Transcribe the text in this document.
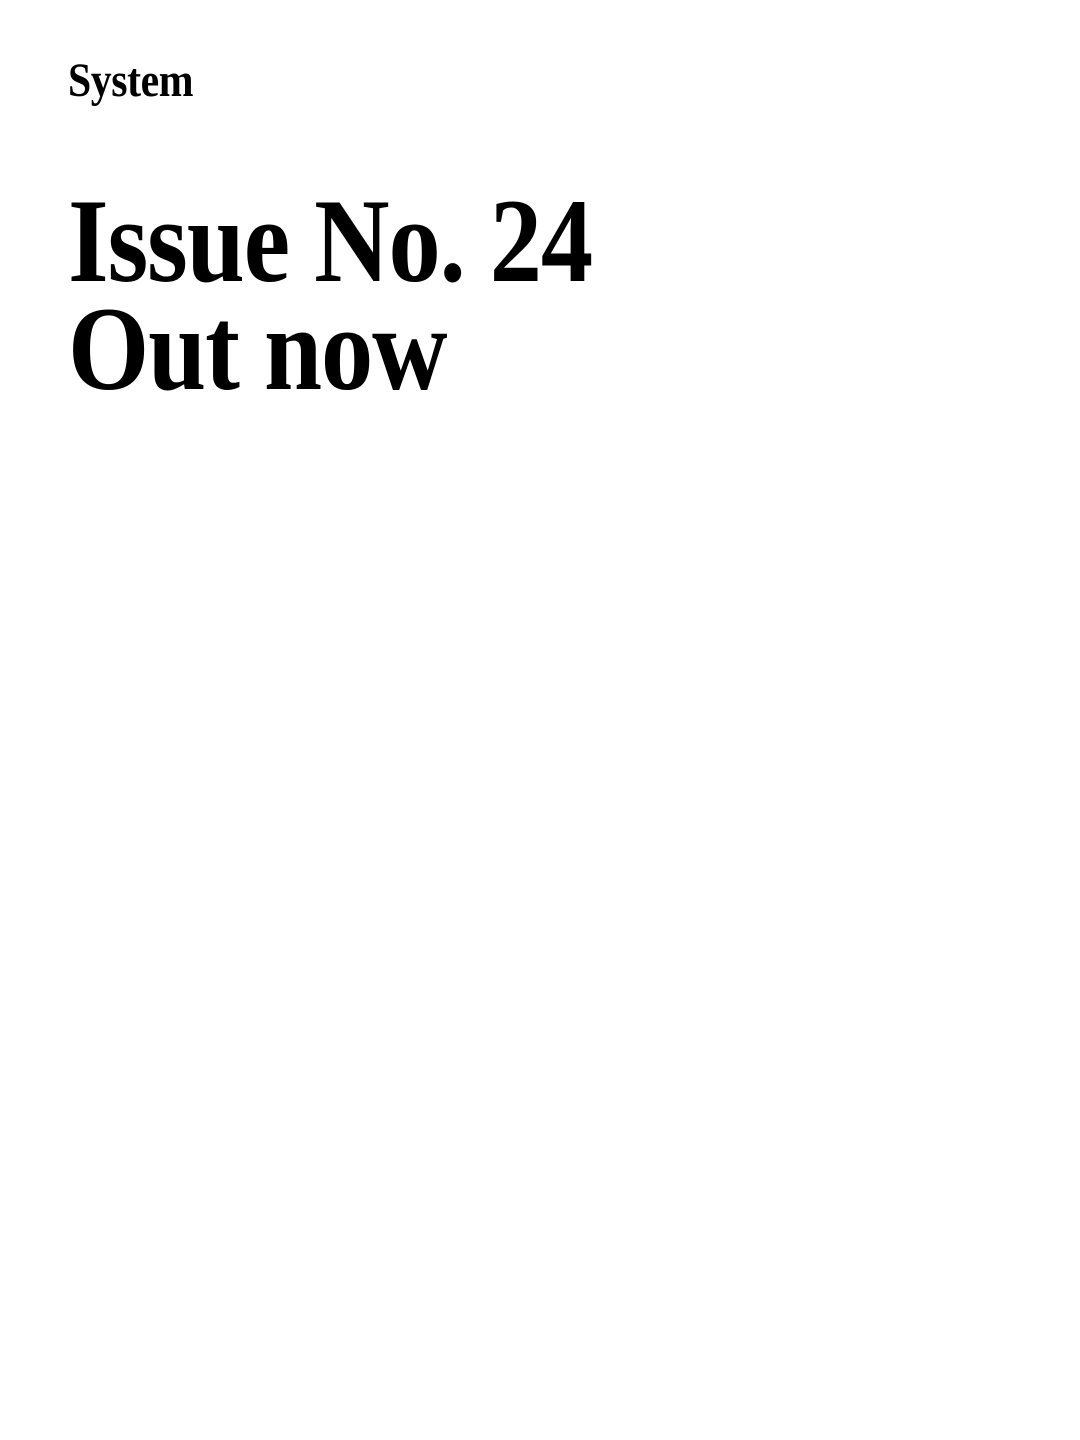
System
Issue No. 24
Out now
